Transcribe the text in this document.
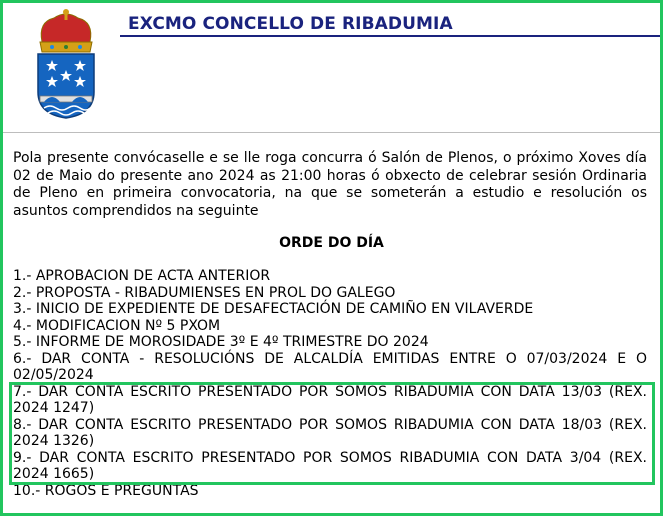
EXCMO CONCELLO DE RIBADUMIA
Pola presente convócaselle e se lle roga concurra ó Salón de Plenos, o próximo Xoves día 02 de Maio do presente ano 2024 as 21:00 horas ó obxecto de celebrar sesión Ordinaria de Pleno en primeira convocatoria, na que se someterán a estudio e resolución os asuntos comprendidos na seguinte
ORDE DO DÍA
1.- APROBACION DE ACTA ANTERIOR
2.- PROPOSTA - RIBADUMIENSES EN PROL DO GALEGO
3.- INICIO DE EXPEDIENTE DE DESAFECTACIÓN DE CAMIÑO EN VILAVERDE
4.- MODIFICACION Nº 5 PXOM
5.- INFORME DE MOROSIDADE 3º E 4º TRIMESTRE DO 2024
6.- DAR CONTA - RESOLUCIÓNS DE ALCALDÍA EMITIDAS ENTRE O 07/03/2024 E O 02/05/2024
7.- DAR CONTA ESCRITO PRESENTADO POR SOMOS RIBADUMIA CON DATA 13/03 (REX. 2024 1247)
8.- DAR CONTA ESCRITO PRESENTADO POR SOMOS RIBADUMIA CON DATA 18/03 (REX. 2024 1326)
9.- DAR CONTA ESCRITO PRESENTADO POR SOMOS RIBADUMIA CON DATA 3/04 (REX. 2024 1665)
10.- ROGOS E PREGUNTAS
